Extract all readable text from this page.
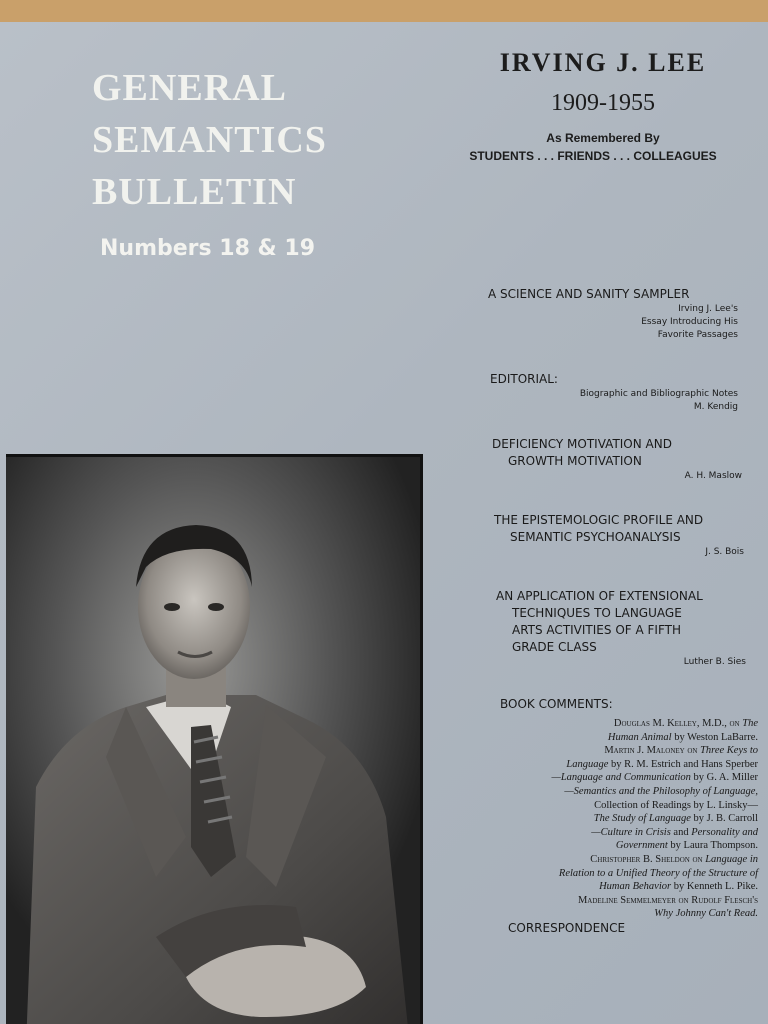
GENERAL
SEMANTICS
BULLETIN
Numbers 18 & 19
IRVING J. LEE
1909-1955
As Remembered By
STUDENTS . . . FRIENDS . . . COLLEAGUES
A SCIENCE AND SANITY SAMPLER
Irving J. Lee's
Essay Introducing His
Favorite Passages
EDITORIAL:
Biographic and Bibliographic Notes
M. Kendig
DEFICIENCY MOTIVATION AND
GROWTH MOTIVATION
A. H. Maslow
THE EPISTEMOLOGIC PROFILE AND
SEMANTIC PSYCHOANALYSIS
J. S. Bois
AN APPLICATION OF EXTENSIONAL
TECHNIQUES TO LANGUAGE
ARTS ACTIVITIES OF A FIFTH
GRADE CLASS
Luther B. Sies
BOOK COMMENTS:
Douglas M. Kelley, M.D., on The
Human Animal by Weston LaBarre.
Martin J. Maloney on Three Keys to
Language by R. M. Estrich and Hans Sperber
—Language and Communication by G. A. Miller
—Semantics and the Philosophy of Language,
Collection of Readings by L. Linsky—
The Study of Language by J. B. Carroll
—Culture in Crisis and Personality and
Government by Laura Thompson.
Christopher B. Sheldon on Language in
Relation to a Unified Theory of the Structure of
Human Behavior by Kenneth L. Pike.
Madeline Semmelmeyer on Rudolf Flesch's
Why Johnny Can't Read.
CORRESPONDENCE
